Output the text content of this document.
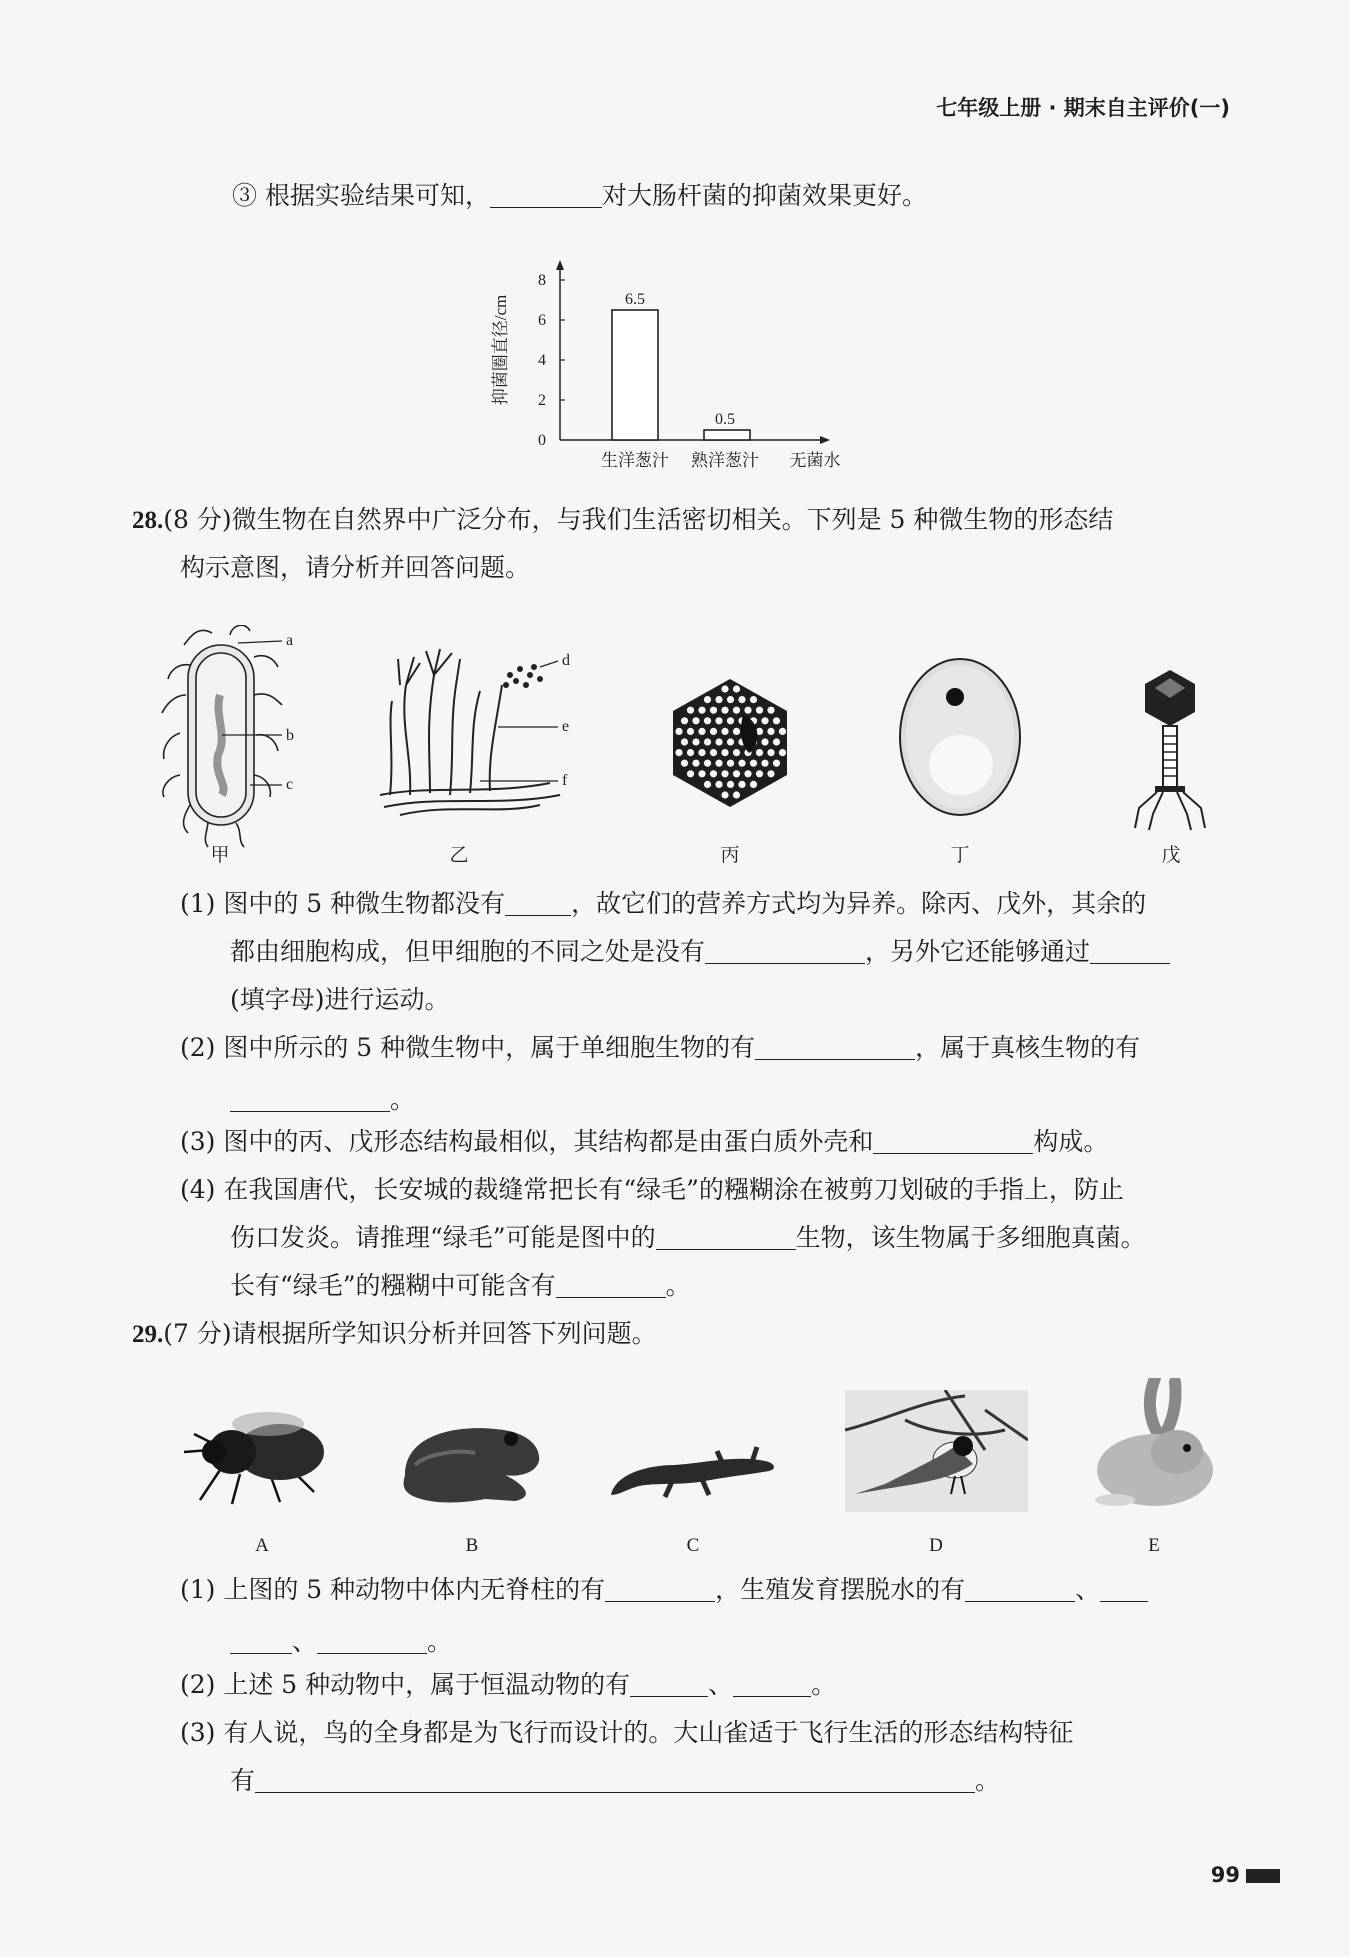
七年级上册 · 期末自主评价(一)
③ 根据实验结果可知，	对大肠杆菌的抑菌效果更好。
抑菌圈直径/cm
0
2
4
6
8
6.5
0.5
生洋葱汁 熟洋葱汁 无菌水
28.(8 分)微生物在自然界中广泛分布，与我们生活密切相关。下列是 5 种微生物的形态结
构示意图，请分析并回答问题。
a
b
c
d
e
f
甲	乙	丙	丁	戊
(1) 图中的 5 种微生物都没有	，故它们的营养方式均为异养。除丙、戊外，其余的
都由细胞构成，但甲细胞的不同之处是没有	，另外它还能够通过
(填字母)进行运动。
(2) 图中所示的 5 种微生物中，属于单细胞生物的有	，属于真核生物的有
。
(3) 图中的丙、戊形态结构最相似，其结构都是由蛋白质外壳和	构成。
(4) 在我国唐代，长安城的裁缝常把长有“绿毛”的糨糊涂在被剪刀划破的手指上，防止
伤口发炎。请推理“绿毛”可能是图中的	生物，该生物属于多细胞真菌。
长有“绿毛”的糨糊中可能含有	。
29.(7 分)请根据所学知识分析并回答下列问题。
A	B	C	D	E
(1) 上图的 5 种动物中体内无脊柱的有	，生殖发育摆脱水的有	、
、	。
(2) 上述 5 种动物中，属于恒温动物的有	、	。
(3) 有人说，鸟的全身都是为飞行而设计的。大山雀适于飞行生活的形态结构特征
有	。
99
